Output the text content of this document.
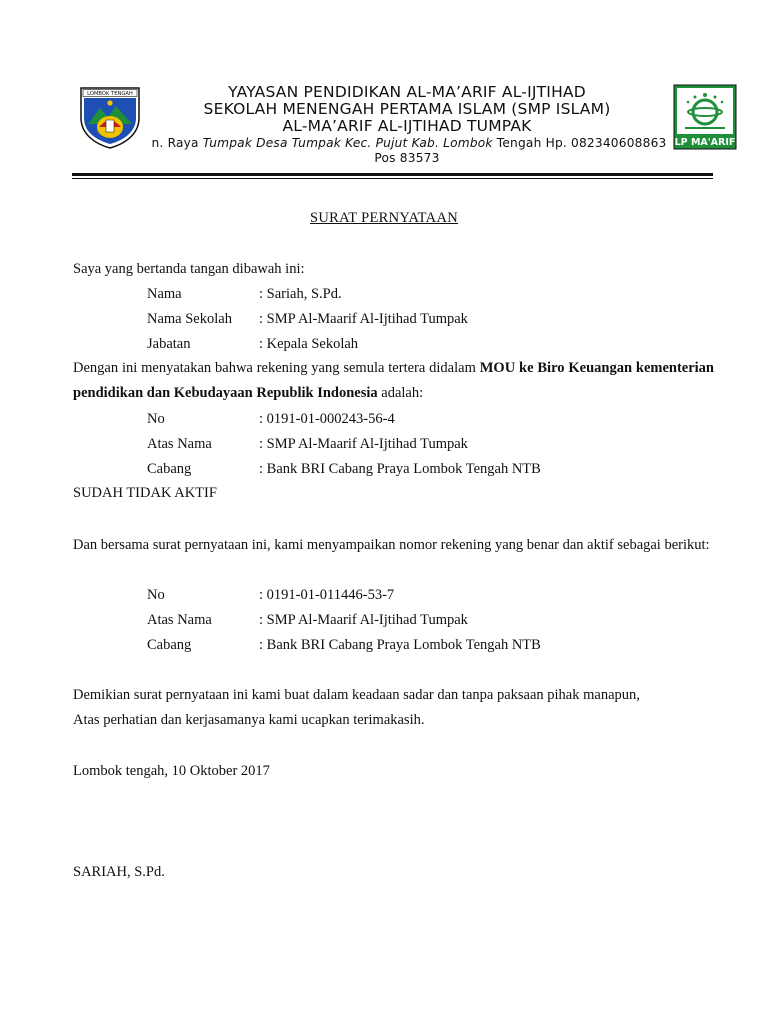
LOMBOK TENGAH	YAYASAN PENDIDIKAN AL-MA’ARIF AL-IJTIHAD
SEKOLAH MENENGAH PERTAMA ISLAM (SMP ISLAM)
AL-MA’ARIF AL-IJTIHAD TUMPAK
n. Raya Tumpak Desa Tumpak Kec. Pujut Kab. Lombok Tengah Hp. 082340608863
Pos 83573
LP MA'ARIF
SURAT PERNYATAAN
Saya yang bertanda tangan dibawah ini:
Nama	: Sariah, S.Pd.
Nama Sekolah : SMP Al-Maarif Al-Ijtihad Tumpak
Jabatan	: Kepala Sekolah
Dengan ini menyatakan bahwa rekening yang semula tertera didalam MOU ke Biro Keuangan kementerian pendidikan dan Kebudayaan Republik Indonesia adalah:
No	: 0191-01-000243-56-4
Atas Nama	: SMP Al-Maarif Al-Ijtihad Tumpak
Cabang	: Bank BRI Cabang Praya Lombok Tengah NTB
SUDAH TIDAK AKTIF
Dan bersama surat pernyataan ini, kami menyampaikan nomor rekening yang benar dan aktif sebagai berikut:
No	: 0191-01-011446-53-7
Atas Nama	: SMP Al-Maarif Al-Ijtihad Tumpak
Cabang	: Bank BRI Cabang Praya Lombok Tengah NTB
Demikian surat pernyataan ini kami buat dalam keadaan sadar dan tanpa paksaan pihak manapun,
Atas perhatian dan kerjasamanya kami ucapkan terimakasih.
Lombok tengah, 10 Oktober 2017
SARIAH, S.Pd.
